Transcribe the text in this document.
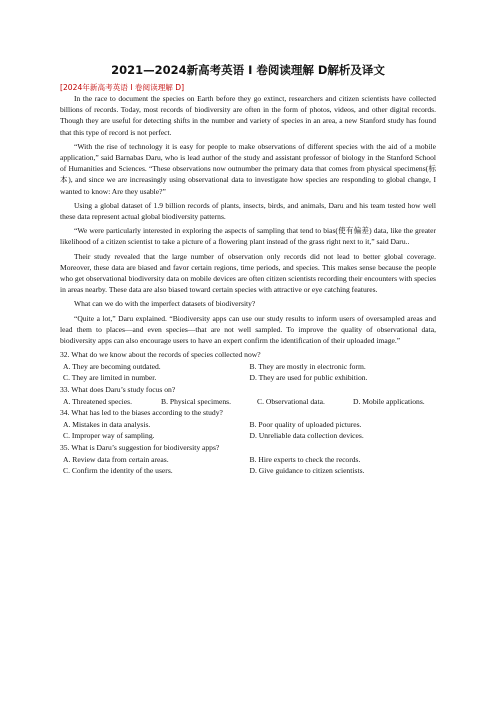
2021—2024新高考英语 I 卷阅读理解 D解析及译文
[2024年新高考英语 I 卷阅读理解 D]
In the race to document the species on Earth before they go extinct, researchers and citizen scientists have collected billions of records. Today, most records of biodiversity are often in the form of photos, videos, and other digital records. Though they are useful for detecting shifts in the number and variety of species in an area, a new Stanford study has found that this type of record is not perfect.
“With the rise of technology it is easy for people to make observations of different species with the aid of a mobile application,” said Barnabas Daru, who is lead author of the study and assistant professor of biology in the Stanford School of Humanities and Sciences. “These observations now outnumber the primary data that comes from physical specimens(标本), and since we are increasingly using observational data to investigate how species are responding to global change, I wanted to know: Are they usable?”
Using a global dataset of 1.9 billion records of plants, insects, birds, and animals, Daru and his team tested how well these data represent actual global biodiversity patterns.
“We were particularly interested in exploring the aspects of sampling that tend to bias(使有偏差) data, like the greater likelihood of a citizen scientist to take a picture of a flowering plant instead of the grass right next to it,” said Daru..
Their study revealed that the large number of observation only records did not lead to better global coverage. Moreover, these data are biased and favor certain regions, time periods, and species. This makes sense because the people who get observational biodiversity data on mobile devices are often citizen scientists recording their encounters with species in areas nearby. These data are also biased toward certain species with attractive or eye catching features.
What can we do with the imperfect datasets of biodiversity?
“Quite a lot,” Daru explained. “Biodiversity apps can use our study results to inform users of oversampled areas and lead them to places—and even species—that are not well sampled. To improve the quality of observational data, biodiversity apps can also encourage users to have an expert confirm the identification of their uploaded image.”
32. What do we know about the records of species collected now?
A. They are becoming outdated.	B. They are mostly in electronic form.
C. They are limited in number.	D. They are used for public exhibition.
33. What does Daru’s study focus on?
A. Threatened species.	B. Physical specimens.	C. Observational data.	D. Mobile applications.
34. What has led to the biases according to the study?
A. Mistakes in data analysis.	B. Poor quality of uploaded pictures.
C. Improper way of sampling.	D. Unreliable data collection devices.
35. What is Daru’s suggestion for biodiversity apps?
A. Review data from certain areas.	B. Hire experts to check the records.
C. Confirm the identity of the users.	D. Give guidance to citizen scientists.
